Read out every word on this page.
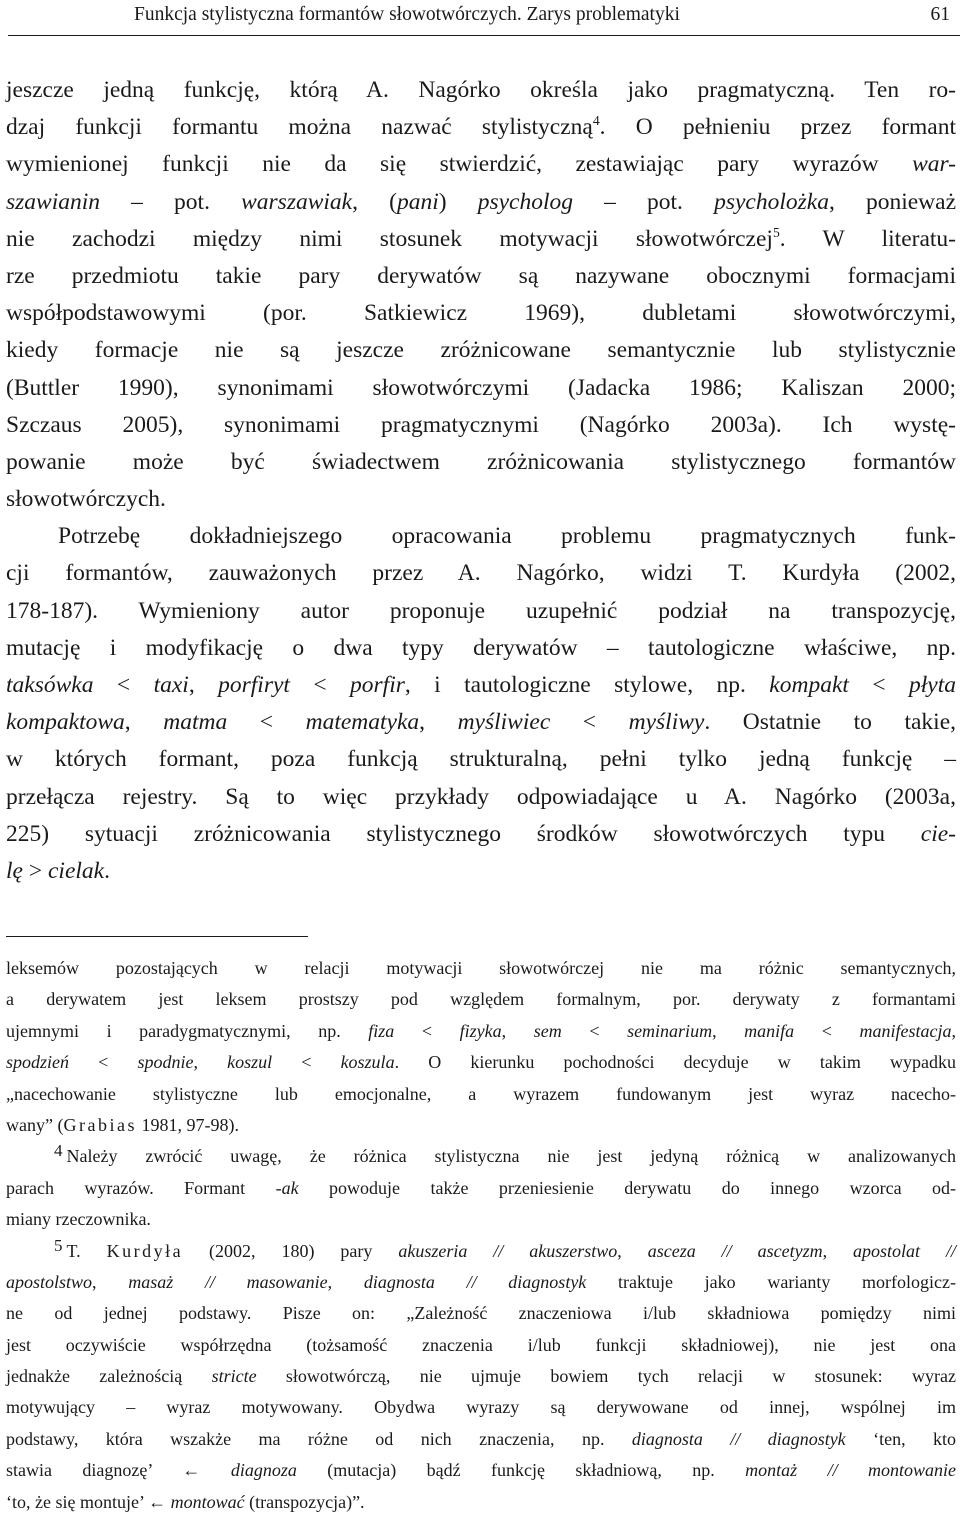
Funkcja stylistyczna formantów słowotwórczych. Zarys problematyki	61
jeszcze jedną funkcję, którą A. Nagórko określa jako pragmatyczną. Ten ro-
dzaj funkcji formantu można nazwać stylistyczną$^4$. O pełnieniu przez formant
wymienionej funkcji nie da się stwierdzić, zestawiając pary wyrazów war-
szawianin – pot. warszawiak, (pani) psycholog – pot. psycholożka, ponieważ
nie zachodzi między nimi stosunek motywacji słowotwórczej$^5$. W literatu-
rze przedmiotu takie pary derywatów są nazywane obocznymi formacjami
współpodstawowymi (por. Satkiewicz 1969), dubletami słowotwórczymi,
kiedy formacje nie są jeszcze zróżnicowane semantycznie lub stylistycznie
(Buttler 1990), synonimami słowotwórczymi (Jadacka 1986; Kaliszan 2000;
Szczaus 2005), synonimami pragmatycznymi (Nagórko 2003a). Ich wystę-
powanie może być świadectwem zróżnicowania stylistycznego formantów
słowotwórczych.
Potrzebę dokładniejszego opracowania problemu pragmatycznych funk-
cji formantów, zauważonych przez A. Nagórko, widzi T. Kurdyła (2002,
178-187). Wymieniony autor proponuje uzupełnić podział na transpozycję,
mutację i modyfikację o dwa typy derywatów – tautologiczne właściwe, np.
taksówka < taxi, porfiryt < porfir, i tautologiczne stylowe, np. kompakt < płyta
kompaktowa, matma < matematyka, myśliwiec < myśliwy. Ostatnie to takie,
w których formant, poza funkcją strukturalną, pełni tylko jedną funkcję –
przełącza rejestry. Są to więc przykłady odpowiadające u A. Nagórko (2003a,
225) sytuacji zróżnicowania stylistycznego środków słowotwórczych typu cie-
lę > cielak.
leksemów pozostających w relacji motywacji słowotwórczej nie ma różnic semantycznych,
a derywatem jest leksem prostszy pod względem formalnym, por. derywaty z formantami
ujemnymi i paradygmatycznymi, np. fiza < fizyka, sem < seminarium, manifa < manifestacja,
spodzień < spodnie, koszul < koszula. O kierunku pochodności decyduje w takim wypadku
„nacechowanie stylistyczne lub emocjonalne, a wyrazem fundowanym jest wyraz nacecho-
wany” (Grabias 1981, 97-98).
4 Należy zwrócić uwagę, że różnica stylistyczna nie jest jedyną różnicą w analizowanych
parach wyrazów. Formant -ak powoduje także przeniesienie derywatu do innego wzorca od-
miany rzeczownika.
5 T. Kurdyła (2002, 180) pary akuszeria // akuszerstwo, asceza // ascetyzm, apostolat //
apostolstwo, masaż // masowanie, diagnosta // diagnostyk traktuje jako warianty morfologicz-
ne od jednej podstawy. Pisze on: „Zależność znaczeniowa i/lub składniowa pomiędzy nimi
jest oczywiście współrzędna (tożsamość znaczenia i/lub funkcji składniowej), nie jest ona
jednakże zależnością stricte słowotwórczą, nie ujmuje bowiem tych relacji w stosunek: wyraz
motywujący – wyraz motywowany. Obydwa wyrazy są derywowane od innej, wspólnej im
podstawy, która wszakże ma różne od nich znaczenia, np. diagnosta // diagnostyk ‘ten, kto
stawia diagnozę’ ← diagnoza (mutacja) bądź funkcję składniową, np. montaż // montowanie
‘to, że się montuje’ ← montować (transpozycja)”.
